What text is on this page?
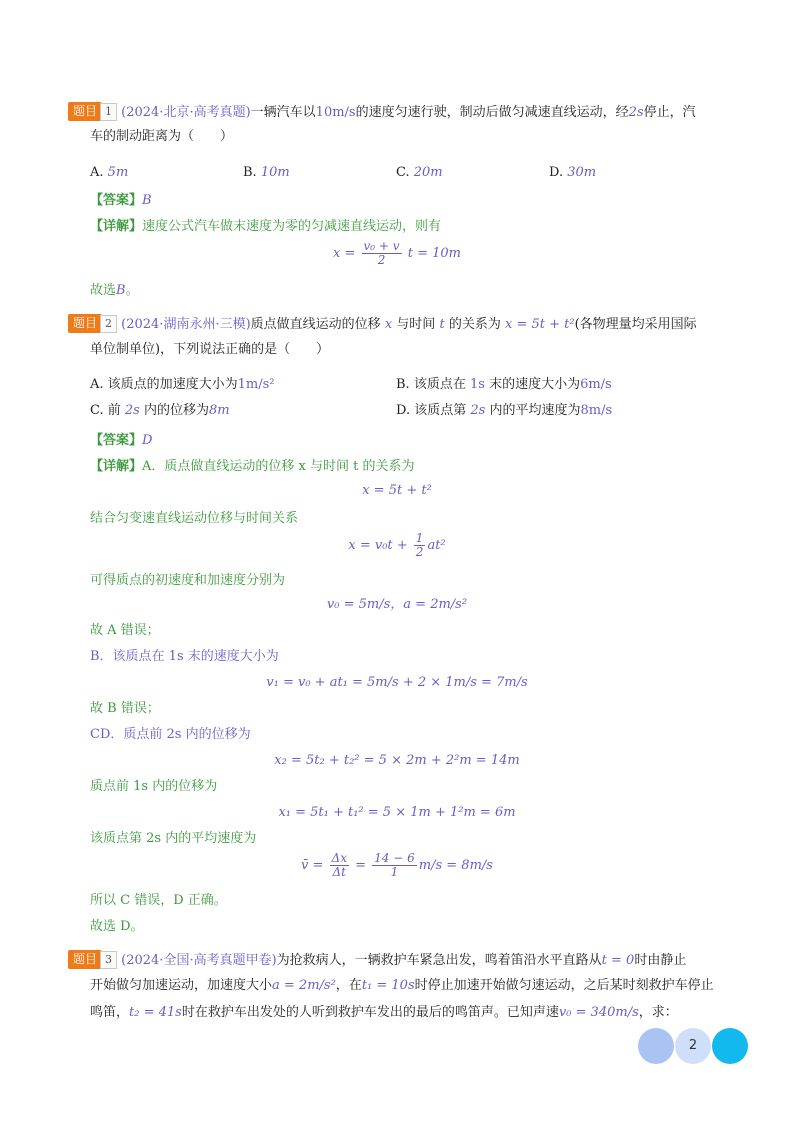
题目 1 (2024·北京·高考真题)一辆汽车以10m/s的速度匀速行驶，制动后做匀减速直线运动，经2s停止，汽
车的制动距离为（　　）
A. 5m	B. 10m	C. 20m	D. 30m
【答案】B
【详解】速度公式汽车做末速度为零的匀减速直线运动，则有
$x = \frac{\text{v₀ + v}}{2}$ t = 10m
故选B。
题目 2 (2024·湖南永州·三模)质点做直线运动的位移 x 与时间 t 的关系为 x = 5t + t²(各物理量均采用国际
单位制单位)，下列说法正确的是（　　）
A. 该质点的加速度大小为1m/s²	B. 该质点在 1s 末的速度大小为6m/s
C. 前 2s 内的位移为8m	D. 该质点第 2s 内的平均速度为8m/s
【答案】D
【详解】A．质点做直线运动的位移 x 与时间 t 的关系为
x = 5t + t²
结合匀变速直线运动位移与时间关系
$x = v_0t + \frac{1}{2} at^2$
可得质点的初速度和加速度分别为
v₀ = 5m/s，a = 2m/s²
故 A 错误；
B．该质点在 1s 末的速度大小为
v₁ = v₀ + at₁ = 5m/s + 2 × 1m/s = 7m/s
故 B 错误；
CD．质点前 2s 内的位移为
x₂ = 5t₂ + t₂² = 5 × 2m + 2²m = 14m
质点前 1s 内的位移为
x₁ = 5t₁ + t₁² = 5 × 1m + 1²m = 6m
该质点第 2s 内的平均速度为
v̄ = $\frac{\Delta x}{\Delta t} = \frac{14 - 6}{1} m/s = 8m/s$
所以 C 错误，D 正确。
故选 D。
题目 3 (2024·全国·高考真题甲卷)为抢救病人，一辆救护车紧急出发，鸣着笛沿水平直路从t = 0时由静止
开始做匀加速运动，加速度大小a = 2m/s²，在t₁ = 10s时停止加速开始做匀速运动，之后某时刻救护车停止
鸣笛，t₂ = 41s时在救护车出发处的人听到救护车发出的最后的鸣笛声。已知声速v₀ = 340m/s，求：
2
